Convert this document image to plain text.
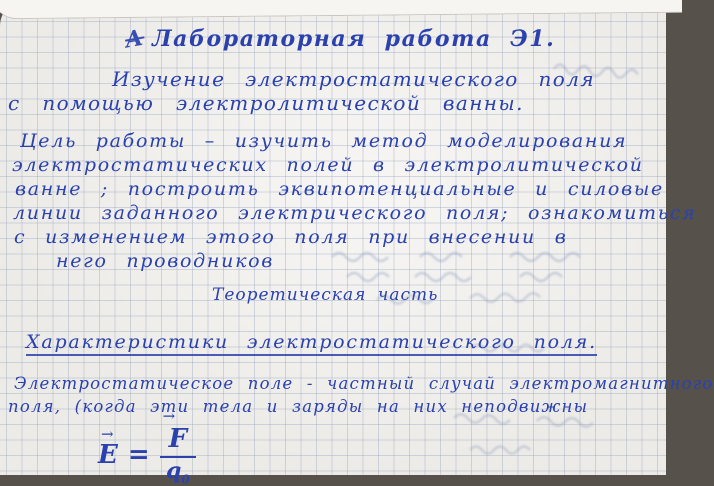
А Лабораторная работа Э1.
Изучение электростатического поля
с помощью электролитической ванны.
Цель работы – изучить метод моделирования
электростатических полей в электролитической
ванне ; построить эквипотенциальные и силовые
линии заданного электрического поля; ознакомиться
с изменением этого поля при внесении в
него проводников
Теоретическая часть
Характеристики электростатического поля.
Электростатическое поле - частный случай электромагнитного
поля, (когда эти тела и заряды на них неподвижны
E → = $\frac{F \to}{q_0}$
